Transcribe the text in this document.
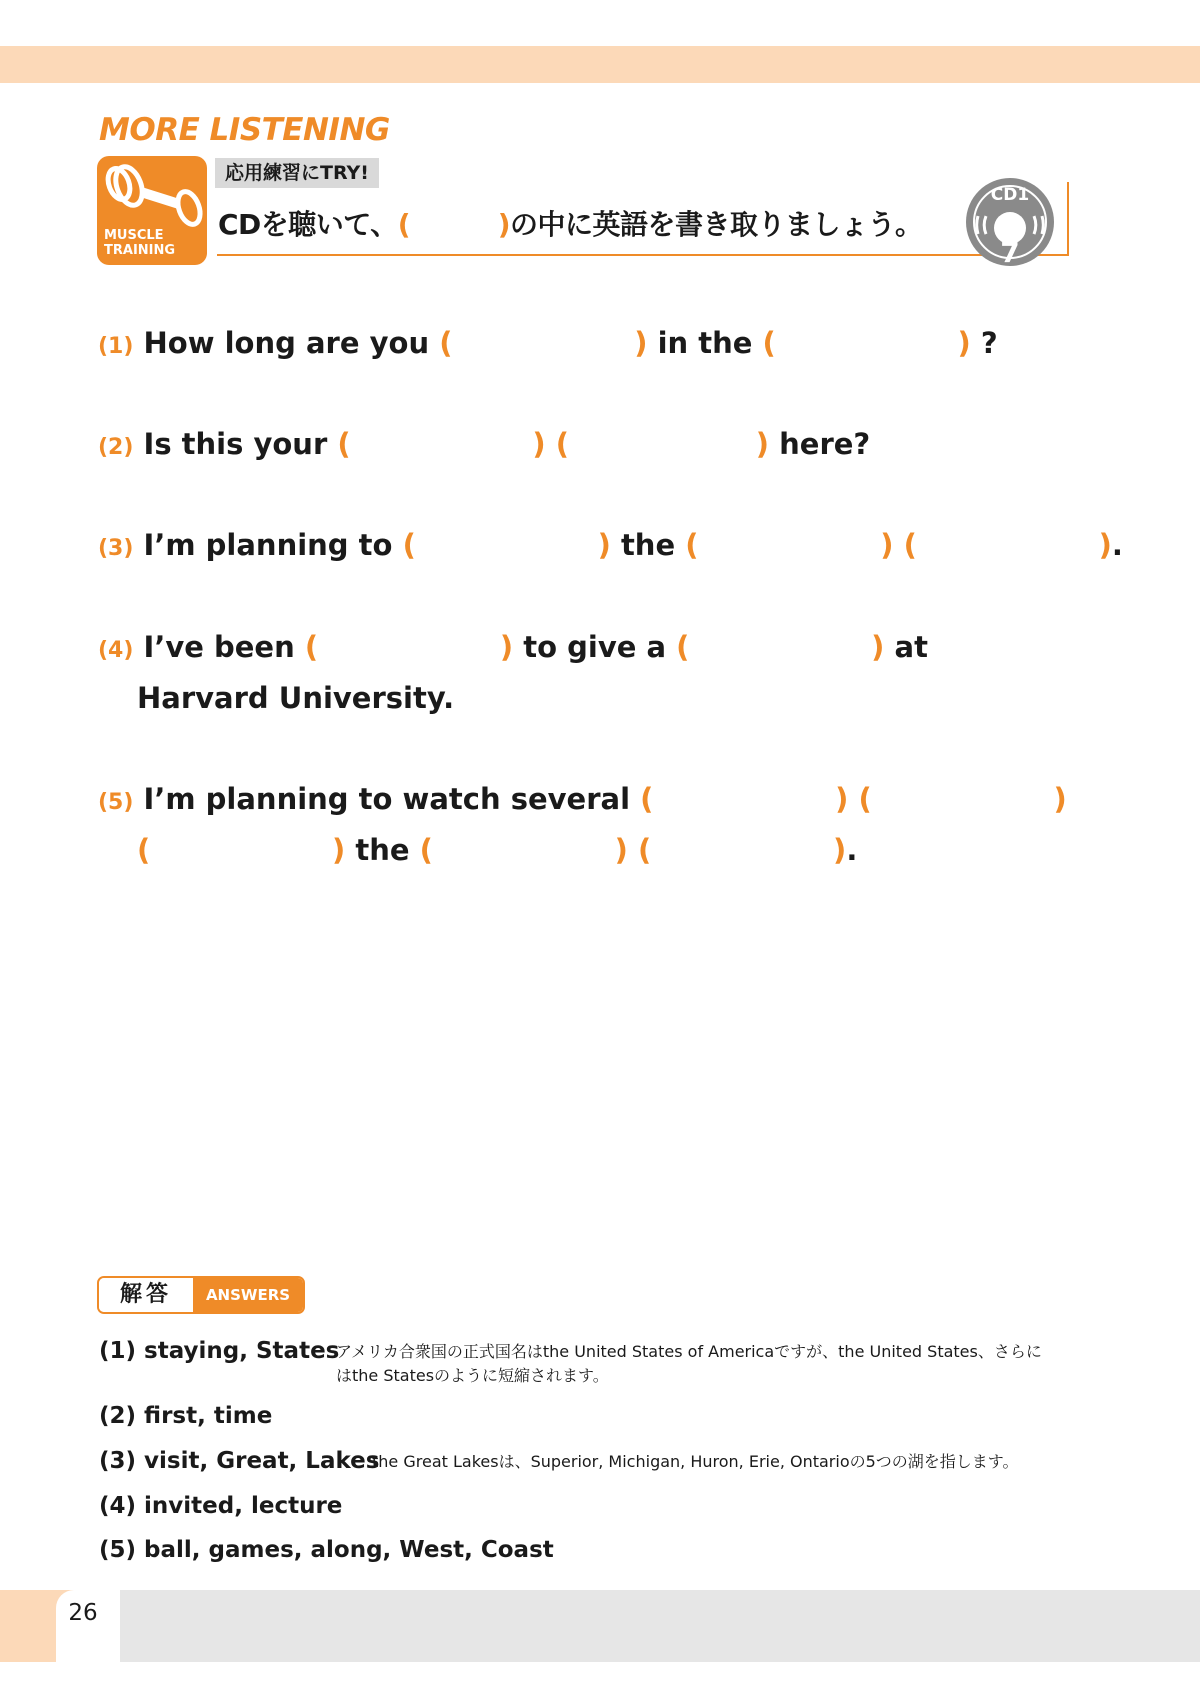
MORE LISTENING
MUSCLE
TRAINING
応用練習にTRY!
CDを聴いて、(	)の中に英語を書き取りましょう。
CD1
7
(1) How long are you (	) in the (	) ?
(2) Is this your (	) (	) here?
(3) I’m planning to (	) the (	) (	).
(4) I’ve been (	) to give a (	) at
Harvard University.
(5) I’m planning to watch several (	) (	)
(	) the (	) (	).
解答	ANSWERS
(1) staying, States
アメリカ合衆国の正式国名はthe United States of Americaですが、the United States、さらに
はthe Statesのように短縮されます。
(2) first, time
(3) visit, Great, Lakes
the Great Lakesは、Superior, Michigan, Huron, Erie, Ontarioの5つの湖を指します。
(4) invited, lecture
(5) ball, games, along, West, Coast
26
